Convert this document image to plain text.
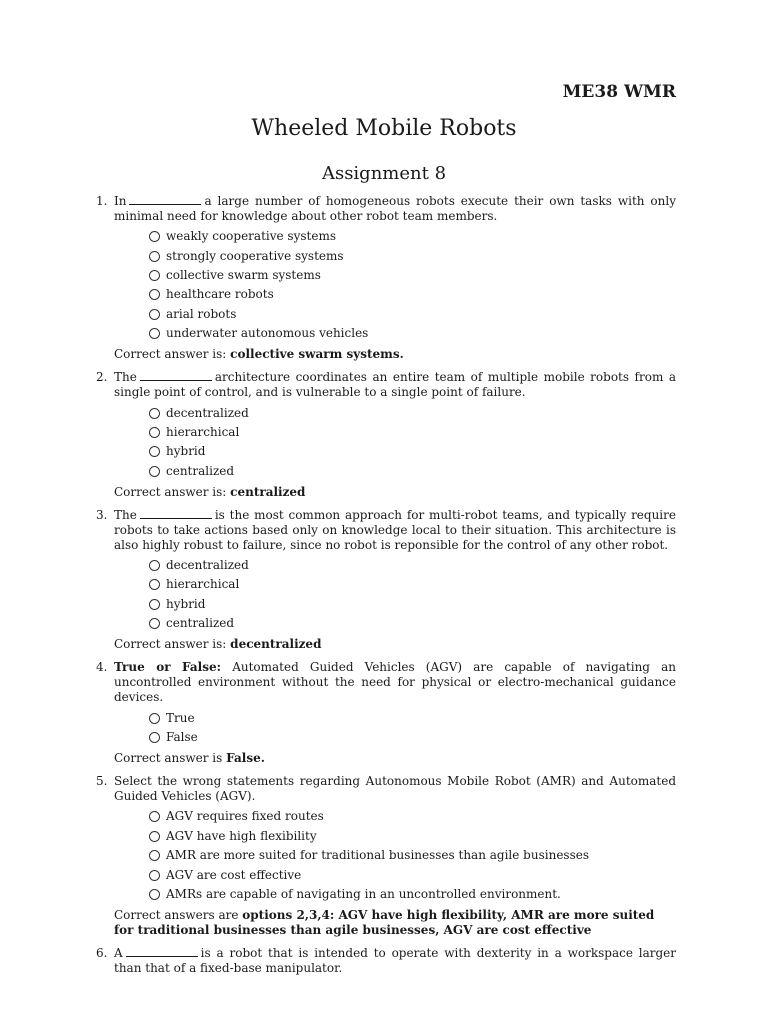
ME38 WMR
Wheeled Mobile Robots
Assignment 8
1. In	a large number of homogeneous robots execute their own tasks with only minimal need for knowledge about other robot team members.
weakly cooperative systems
strongly cooperative systems
collective swarm systems
healthcare robots
arial robots
underwater autonomous vehicles
Correct answer is: collective swarm systems.
2. The	architecture coordinates an entire team of multiple mobile robots from a single point of control, and is vulnerable to a single point of failure.
decentralized
hierarchical
hybrid
centralized
Correct answer is: centralized
3. The	is the most common approach for multi-robot teams, and typically require robots to take actions based only on knowledge local to their situation. This architecture is also highly robust to failure, since no robot is reponsible for the control of any other robot.
decentralized
hierarchical
hybrid
centralized
Correct answer is: decentralized
4. True or False: Automated Guided Vehicles (AGV) are capable of navigating an uncontrolled environment without the need for physical or electro-mechanical guidance devices.
True
False
Correct answer is False.
5. Select the wrong statements regarding Autonomous Mobile Robot (AMR) and Automated Guided Vehicles (AGV).
AGV requires fixed routes
AGV have high flexibility
AMR are more suited for traditional businesses than agile businesses
AGV are cost effective
AMRs are capable of navigating in an uncontrolled environment.
Correct answers are options 2,3,4: AGV have high flexibility, AMR are more suited for traditional businesses than agile businesses, AGV are cost effective
6. A	is a robot that is intended to operate with dexterity in a workspace larger than that of a fixed-base manipulator.
